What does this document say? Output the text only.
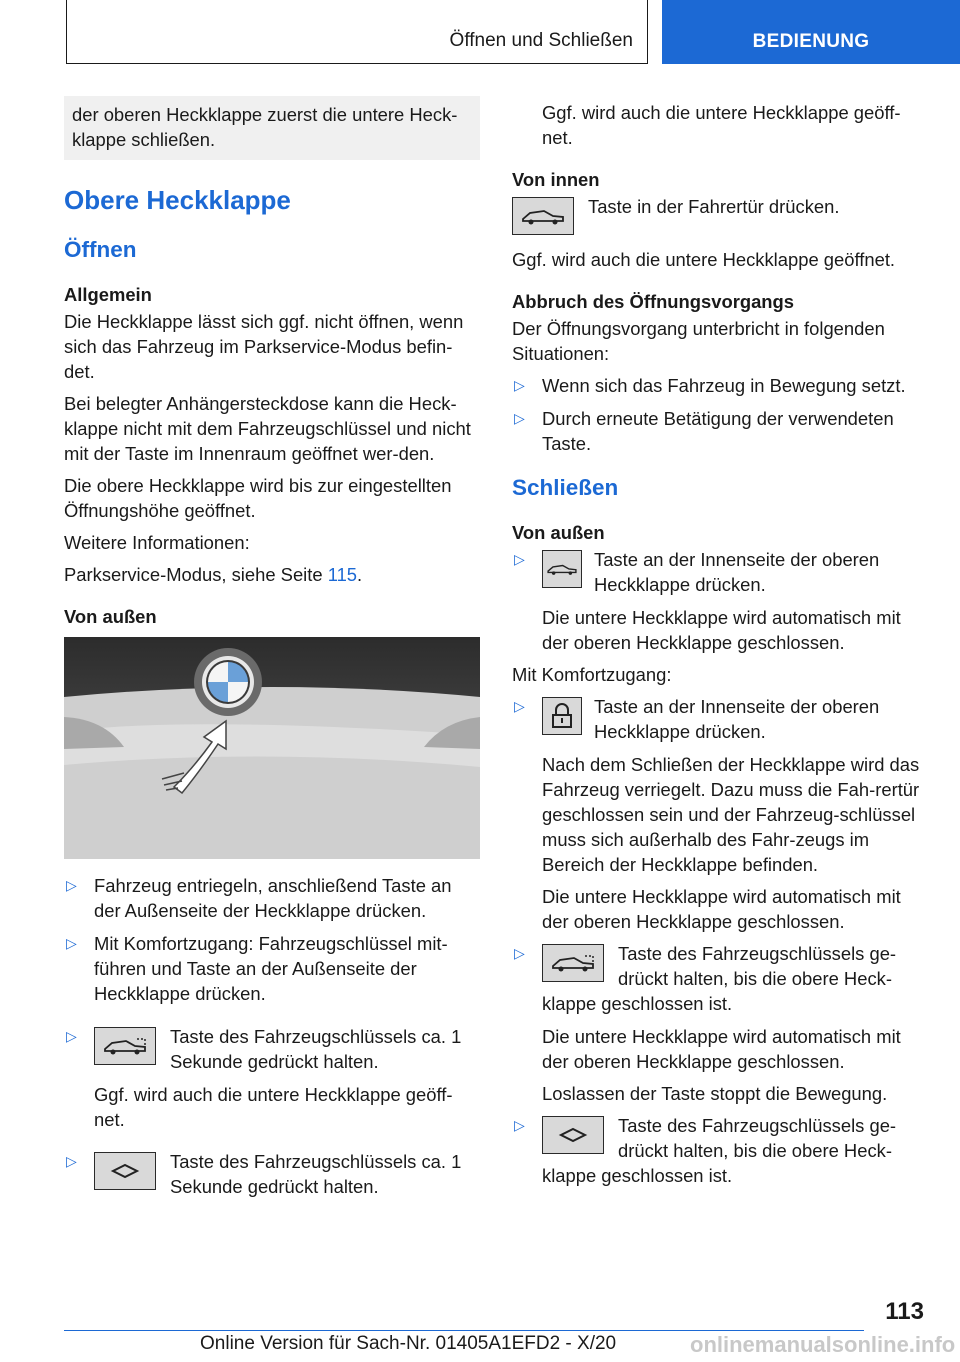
Öffnen und Schließen	BEDIENUNG
der oberen Heckklappe zuerst die untere Heck-klappe schließen.
Obere Heckklappe
Öffnen
Allgemein
Die Heckklappe lässt sich ggf. nicht öffnen, wenn sich das Fahrzeug im Parkservice-Modus befin-det.
Bei belegter Anhängersteckdose kann die Heck-klappe nicht mit dem Fahrzeugschlüssel und nicht mit der Taste im Innenraum geöffnet wer-den.
Die obere Heckklappe wird bis zur eingestellten Öffnungshöhe geöffnet.
Weitere Informationen:
Parkservice-Modus, siehe Seite 115.
Von außen
▷ Fahrzeug entriegeln, anschließend Taste an der Außenseite der Heckklappe drücken.
▷ Mit Komfortzugang: Fahrzeugschlüssel mit-führen und Taste an der Außenseite der Heckklappe drücken.
▷	Taste des Fahrzeugschlüssels ca. 1 Sekunde gedrückt halten.
Ggf. wird auch die untere Heckklappe geöff-net.
▷	Taste des Fahrzeugschlüssels ca. 1 Sekunde gedrückt halten.
Ggf. wird auch die untere Heckklappe geöff-net.
Von innen
Taste in der Fahrertür drücken.
Ggf. wird auch die untere Heckklappe geöffnet.
Abbruch des Öffnungsvorgangs
Der Öffnungsvorgang unterbricht in folgenden Situationen:
▷ Wenn sich das Fahrzeug in Bewegung setzt.
▷ Durch erneute Betätigung der verwendeten Taste.
Schließen
Von außen
▷	Taste an der Innenseite der oberen Heckklappe drücken.
Die untere Heckklappe wird automatisch mit der oberen Heckklappe geschlossen.
Mit Komfortzugang:
▷	Taste an der Innenseite der oberen Heckklappe drücken.
Nach dem Schließen der Heckklappe wird das Fahrzeug verriegelt. Dazu muss die Fah-rertür geschlossen sein und der Fahrzeug-schlüssel muss sich außerhalb des Fahr-zeugs im Bereich der Heckklappe befinden.
Die untere Heckklappe wird automatisch mit der oberen Heckklappe geschlossen.
▷	Taste des Fahrzeugschlüssels ge-drückt halten, bis die obere Heck-klappe geschlossen ist.
Die untere Heckklappe wird automatisch mit der oberen Heckklappe geschlossen.
Loslassen der Taste stoppt die Bewegung.
▷	Taste des Fahrzeugschlüssels ge-drückt halten, bis die obere Heck-klappe geschlossen ist.
113
Online Version für Sach-Nr. 01405A1EFD2 - X/20	onlinemanualsonline.info
